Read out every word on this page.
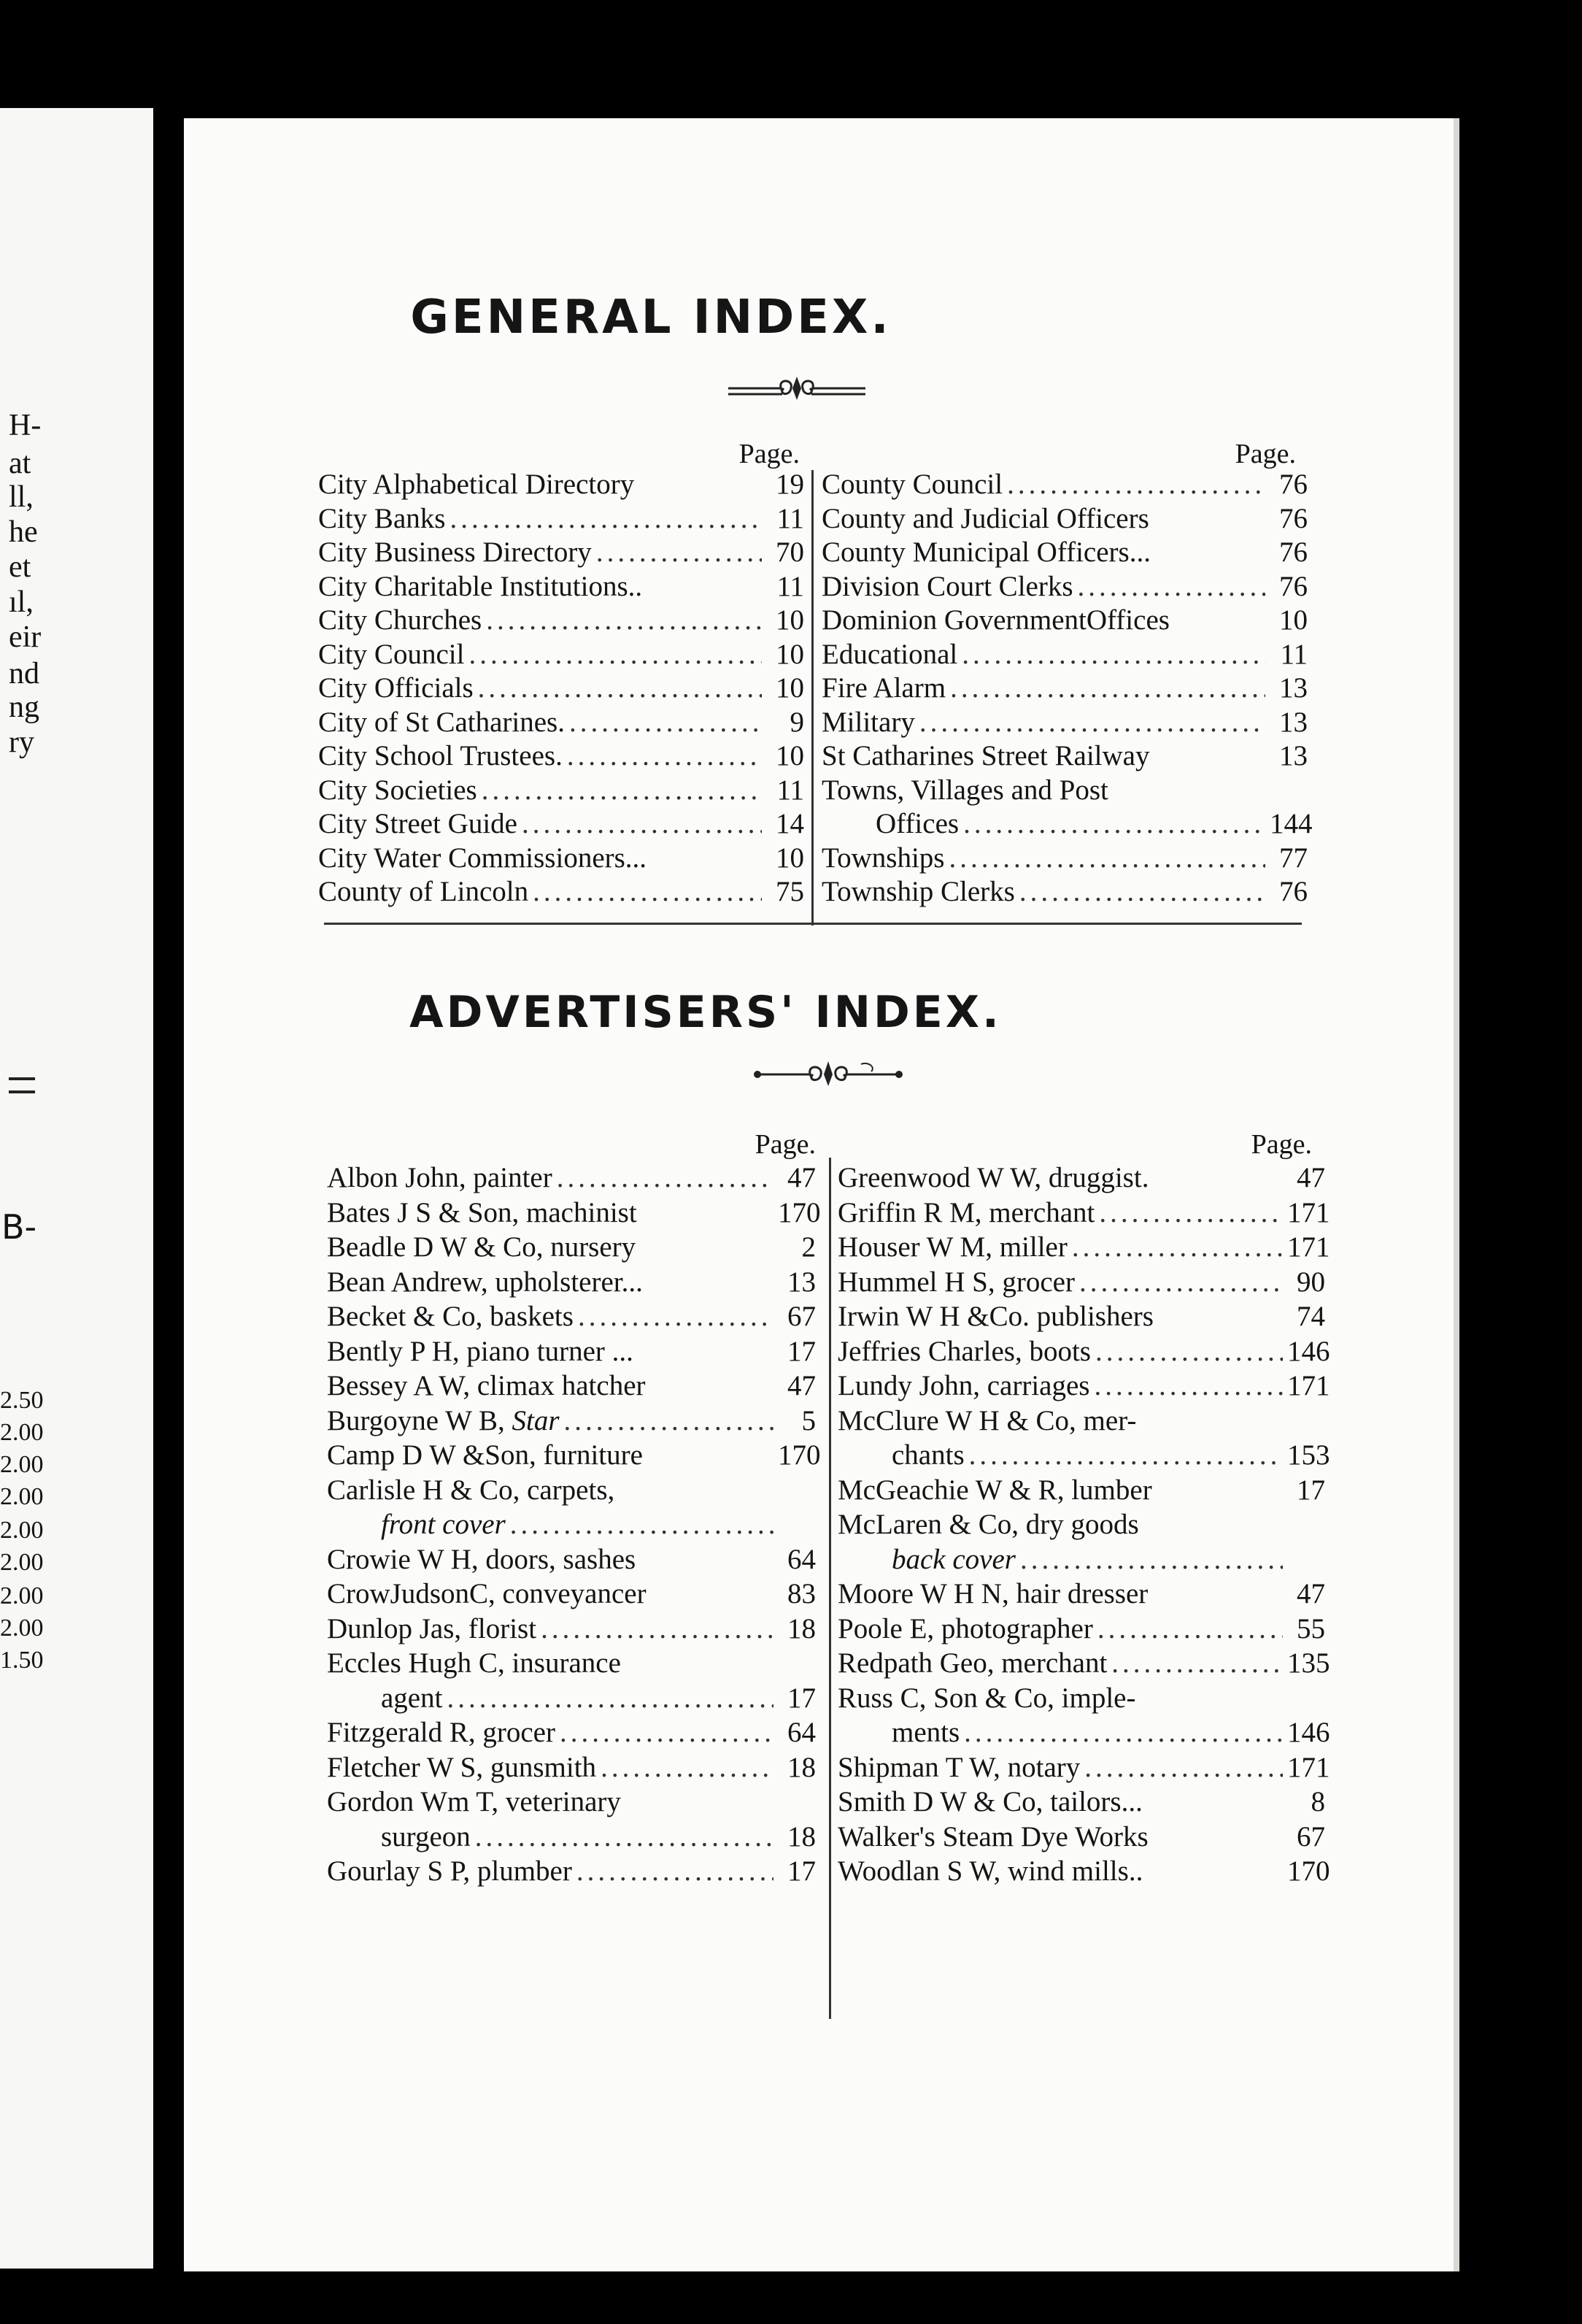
H-
at
ll,
he
et
ıl,
eir
nd
ng
ry
B-
2.50
2.00
2.00
2.00
2.00
2.00
2.00
2.00
1.50
GENERAL INDEX.
Page.	Page.
City Alphabetical Directory	19
City Banks .....	11
City Business Directory .....	70
City Charitable Institutions..	11
City Churches .....	10
City Council .....	10
City Officials .....	10
City of St Catharines. .....	9
City School Trustees. .....	10
City Societies .....	11
City Street Guide .....	14
City Water Commissioners...	10
County of Lincoln .....	75
County Council .....	76
County and Judicial Officers	76
County Municipal Officers...	76
Division Court Clerks .....	76
Dominion GovernmentOffices	10
Educational .....	11
Fire Alarm .....	13
Military .....	13
St Catharines Street Railway	13
Towns, Villages and Post
Offices .....	144
Townships .....	77
Township Clerks .....	76
ADVERTISERS' INDEX.
Page.	Page.
Albon John, painter .....	47
Bates J S & Son, machinist	170
Beadle D W & Co, nursery	2
Bean Andrew, upholsterer...	13
Becket & Co, baskets .....	67
Bently P H, piano turner ...	17
Bessey A W, climax hatcher	47
Burgoyne W B, Star .....	5
Camp D W &Son, furniture	170
Carlisle H & Co, carpets,
front cover
.....
Crowie W H, doors, sashes	64
CrowJudsonC, conveyancer	83
Dunlop Jas, florist .....	18
Eccles Hugh C, insurance
agent .....	17
Fitzgerald R, grocer .....	64
Fletcher W S, gunsmith .....	18
Gordon Wm T, veterinary
surgeon .....	18
Gourlay S P, plumber .....	17
Greenwood W W, druggist.	47
Griffin R M, merchant .....	171
Houser W M, miller .....	171
Hummel H S, grocer .....	90
Irwin W H &Co. publishers	74
Jeffries Charles, boots .....	146
Lundy John, carriages .....	171
McClure W H & Co, mer-
chants .....	153
McGeachie W & R, lumber	17
McLaren & Co, dry goods
back cover
.....
Moore W H N, hair dresser	47
Poole E, photographer .....	55
Redpath Geo, merchant .....	135
Russ C, Son & Co, imple-
ments .....	146
Shipman T W, notary .....	171
Smith D W & Co, tailors...	8
Walker's Steam Dye Works	67
Woodlan S W, wind mills..	170
